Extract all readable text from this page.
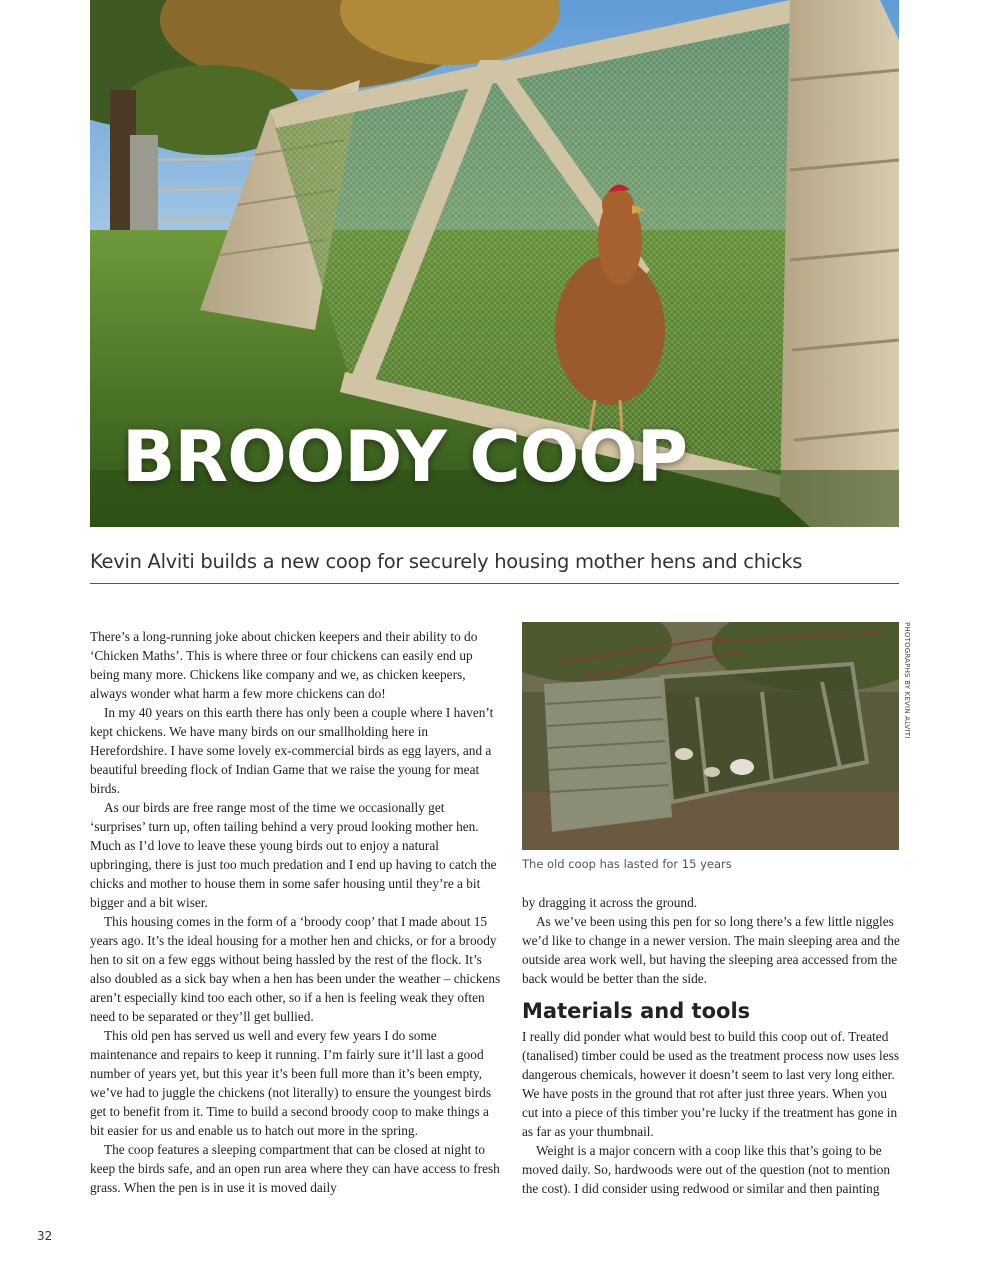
BROODY COOP
Kevin Alviti builds a new coop for securely housing mother hens and chicks

There’s a long-running joke about chicken keepers and their ability to do ‘Chicken Maths’. This is where three or four chickens can easily end up being many more. Chickens like company and we, as chicken keepers, always wonder what harm a few more chickens can do!

In my 40 years on this earth there has only been a couple where I haven’t kept chickens. We have many birds on our smallholding here in Herefordshire. I have some lovely ex-commercial birds as egg layers, and a beautiful breeding flock of Indian Game that we raise the young for meat birds.

As our birds are free range most of the time we occasionally get ‘surprises’ turn up, often tailing behind a very proud looking mother hen. Much as I’d love to leave these young birds out to enjoy a natural upbringing, there is just too much predation and I end up having to catch the chicks and mother to house them in some safer housing until they’re a bit bigger and a bit wiser.

This housing comes in the form of a ‘broody coop’ that I made about 15 years ago. It’s the ideal housing for a mother hen and chicks, or for a broody hen to sit on a few eggs without being hassled by the rest of the flock. It’s also doubled as a sick bay when a hen has been under the weather – chickens aren’t especially kind too each other, so if a hen is feeling weak they often need to be separated or they’ll get bullied.

This old pen has served us well and every few years I do some maintenance and repairs to keep it running. I’m fairly sure it’ll last a good number of years yet, but this year it’s been full more than it’s been empty, we’ve had to juggle the chickens (not literally) to ensure the youngest birds get to benefit from it. Time to build a second broody coop to make things a bit easier for us and enable us to hatch out more in the spring.

The coop features a sleeping compartment that can be closed at night to keep the birds safe, and an open run area where they can have access to fresh grass. When the pen is in use it is moved daily

The old coop has lasted for 15 years
PHOTOGRAPHS BY KEVIN ALVITI

by dragging it across the ground.

As we’ve been using this pen for so long there’s a few little niggles we’d like to change in a newer version. The main sleeping area and the outside area work well, but having the sleeping area accessed from the back would be better than the side.

Materials and tools

I really did ponder what would best to build this coop out of. Treated (tanalised) timber could be used as the treatment process now uses less dangerous chemicals, however it doesn’t seem to last very long either. We have posts in the ground that rot after just three years. When you cut into a piece of this timber you’re lucky if the treatment has gone in as far as your thumbnail.

Weight is a major concern with a coop like this that’s going to be moved daily. So, hardwoods were out of the question (not to mention the cost). I did consider using redwood or similar and then painting

32
